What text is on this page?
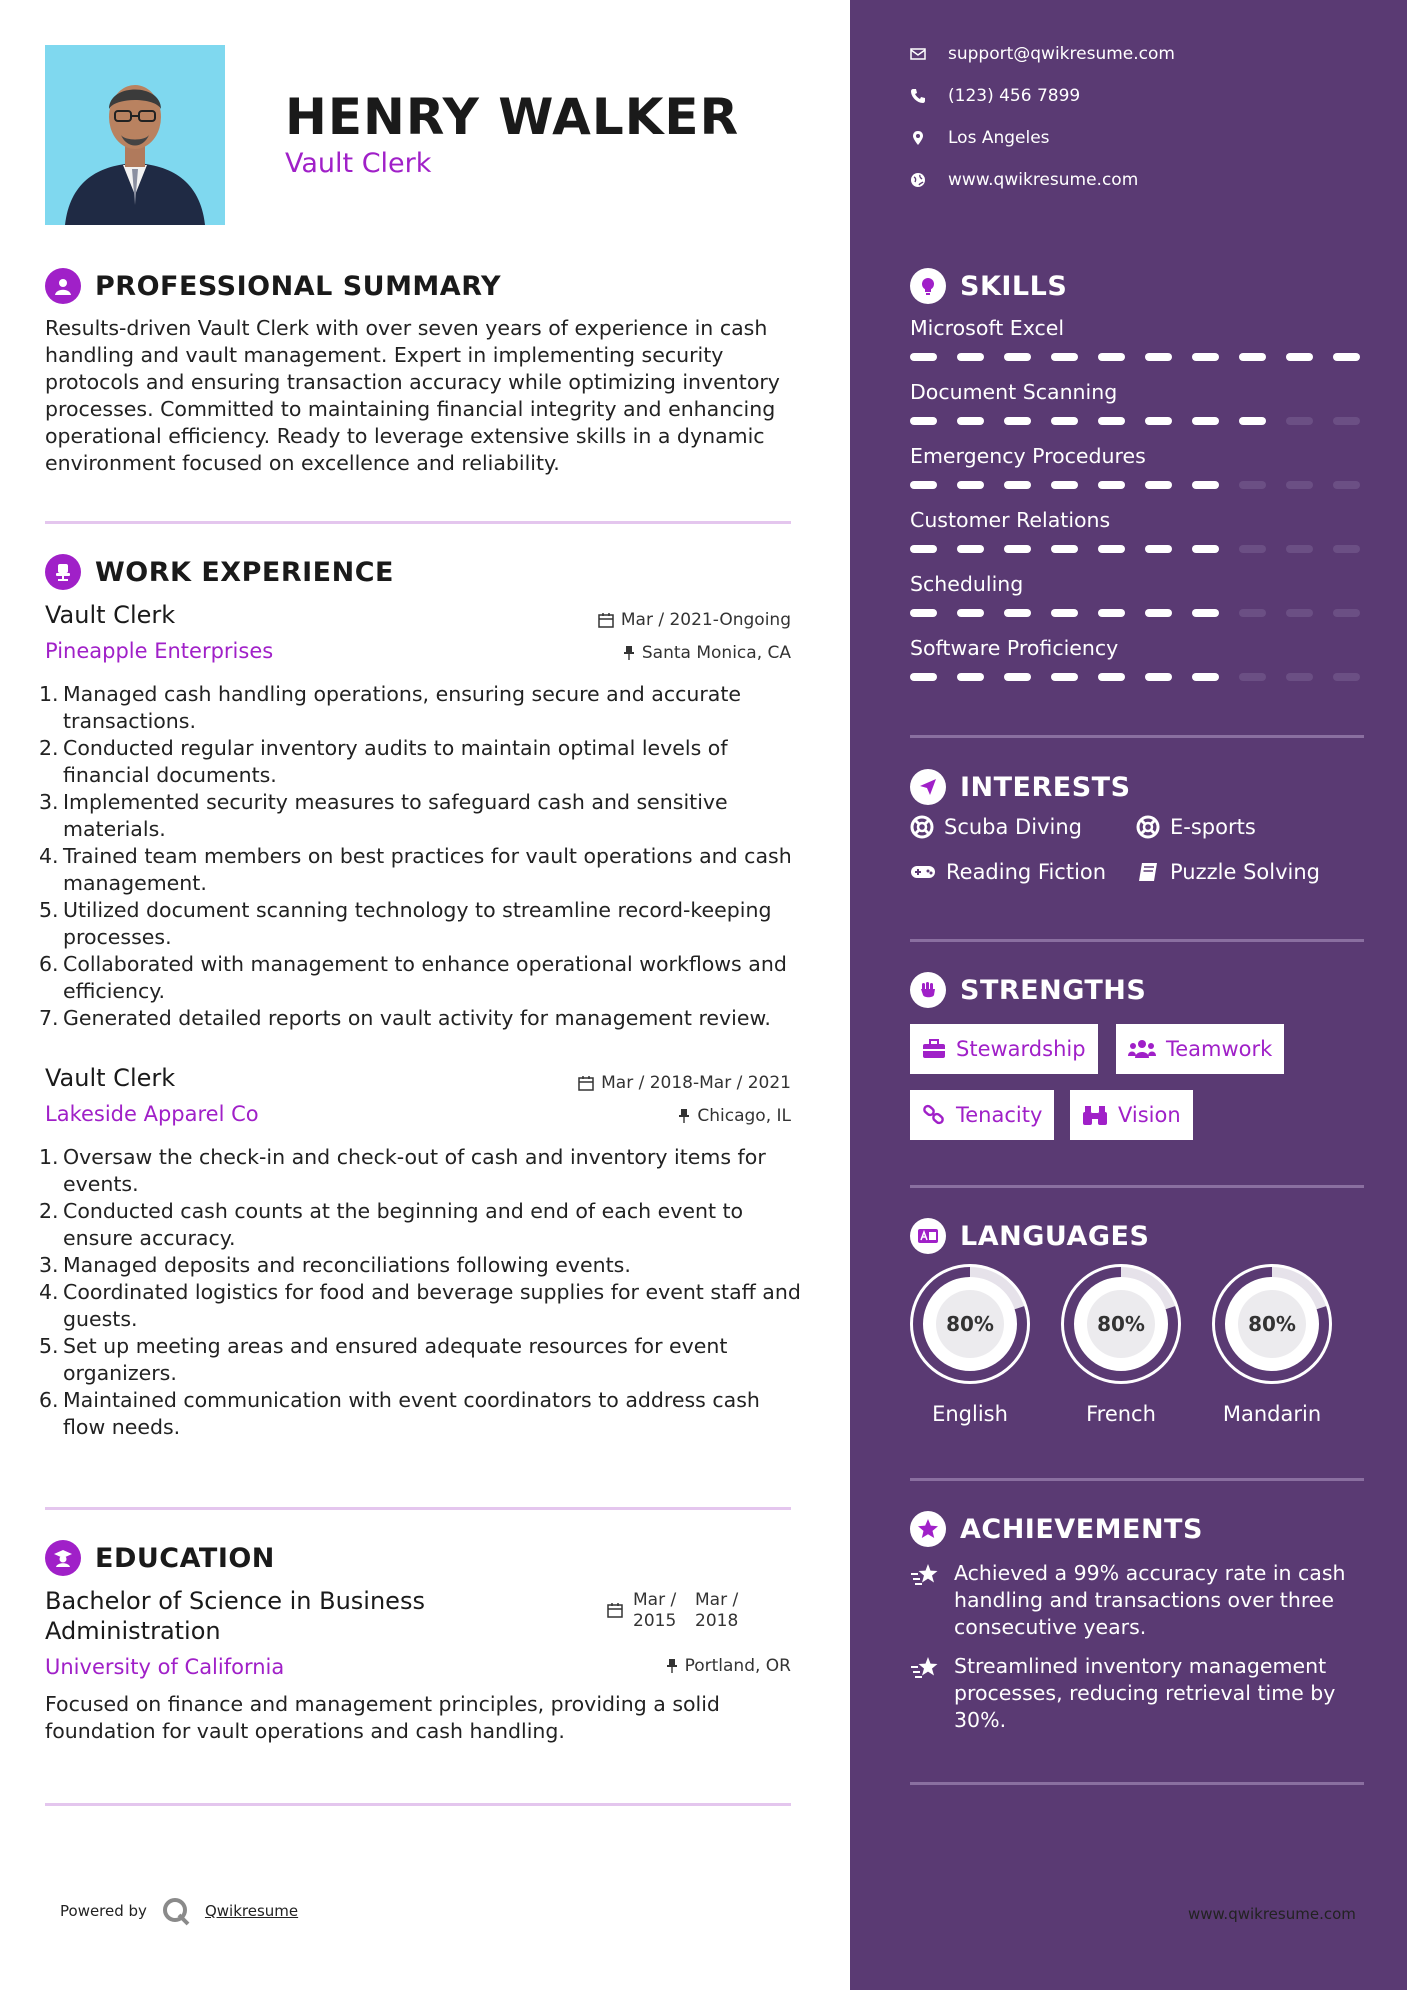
HENRY WALKER
Vault Clerk
PROFESSIONAL SUMMARY
Results-driven Vault Clerk with over seven years of experience in cash handling and vault management. Expert in implementing security protocols and ensuring transaction accuracy while optimizing inventory processes. Committed to maintaining financial integrity and enhancing operational efficiency. Ready to leverage extensive skills in a dynamic environment focused on excellence and reliability.
WORK EXPERIENCE
Vault Clerk	Mar / 2021-Ongoing
Pineapple Enterprises	Santa Monica, CA
1. Managed cash handling operations, ensuring secure and accurate transactions.
2. Conducted regular inventory audits to maintain optimal levels of financial documents.
3. Implemented security measures to safeguard cash and sensitive materials.
4. Trained team members on best practices for vault operations and cash management.
5. Utilized document scanning technology to streamline record-keeping processes.
6. Collaborated with management to enhance operational workflows and efficiency.
7. Generated detailed reports on vault activity for management review.
Vault Clerk	Mar / 2018-Mar / 2021
Lakeside Apparel Co	Chicago, IL
1. Oversaw the check-in and check-out of cash and inventory items for events.
2. Conducted cash counts at the beginning and end of each event to ensure accuracy.
3. Managed deposits and reconciliations following events.
4. Coordinated logistics for food and beverage supplies for event staff and guests.
5. Set up meeting areas and ensured adequate resources for event organizers.
6. Maintained communication with event coordinators to address cash flow needs.
EDUCATION
Bachelor of Science in Business Administration
Mar / 2015
Mar / 2018
University of California	Portland, OR
Focused on finance and management principles, providing a solid foundation for vault operations and cash handling.
Powered by	Qwikresume
support@qwikresume.com
(123) 456 7899
Los Angeles
www.qwikresume.com
SKILLS
Microsoft Excel
Document Scanning
Emergency Procedures
Customer Relations
Scheduling
Software Proficiency
INTERESTS
Scuba Diving	E-sports
Reading Fiction	Puzzle Solving
STRENGTHS
Stewardship	Teamwork
Tenacity	Vision
LANGUAGES
80%
English
80%
French
80%
Mandarin
ACHIEVEMENTS
Achieved a 99% accuracy rate in cash handling and transactions over three consecutive years.
Streamlined inventory management processes, reducing retrieval time by 30%.
www.qwikresume.com
